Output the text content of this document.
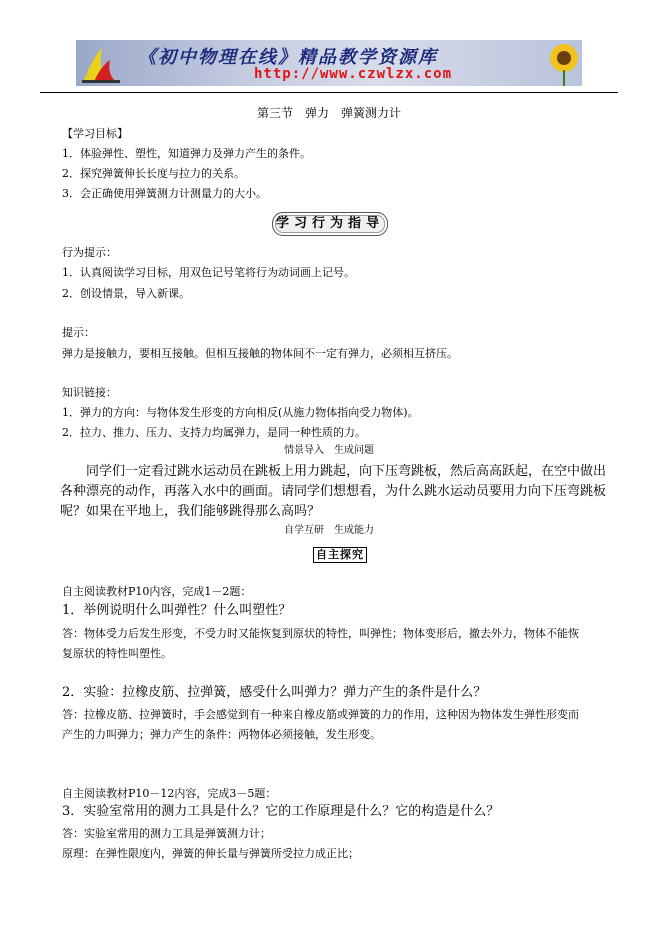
《初中物理在线》精品教学资源库
http://www.czwlzx.com
第三节　弹力　弹簧测力计
【学习目标】
1．体验弹性、塑性，知道弹力及弹力产生的条件。
2．探究弹簧伸长长度与拉力的关系。
3．会正确使用弹簧测力计测量力的大小。
学习行为指导
行为提示：
1．认真阅读学习目标，用双色记号笔将行为动词画上记号。
2．创设情景，导入新课。
提示：
弹力是接触力，要相互接触。但相互接触的物体间不一定有弹力，必须相互挤压。
知识链接：
1．弹力的方向：与物体发生形变的方向相反(从施力物体指向受力物体)。
2．拉力、推力、压力、支持力均属弹力，是同一种性质的力。
情景导入　生成问题
同学们一定看过跳水运动员在跳板上用力跳起，向下压弯跳板，然后高高跃起，在空中做出各种漂亮的动作，再落入水中的画面。请同学们想想看，为什么跳水运动员要用力向下压弯跳板呢？如果在平地上，我们能够跳得那么高吗？
自学互研　生成能力
自主探究
自主阅读教材P10内容，完成1－2题：
1．举例说明什么叫弹性？什么叫塑性？
答：物体受力后发生形变，不受力时又能恢复到原状的特性，叫弹性；物体变形后，撤去外力，物体不能恢
复原状的特性叫塑性。
2．实验：拉橡皮筋、拉弹簧，感受什么叫弹力？弹力产生的条件是什么？
答：拉橡皮筋、拉弹簧时，手会感觉到有一种来自橡皮筋或弹簧的力的作用，这种因为物体发生弹性形变而
产生的力叫弹力；弹力产生的条件：两物体必须接触，发生形变。
自主阅读教材P10－12内容，完成3－5题：
3．实验室常用的测力工具是什么？它的工作原理是什么？它的构造是什么？
答：实验室常用的测力工具是弹簧测力计；
原理：在弹性限度内，弹簧的伸长量与弹簧所受拉力成正比；
